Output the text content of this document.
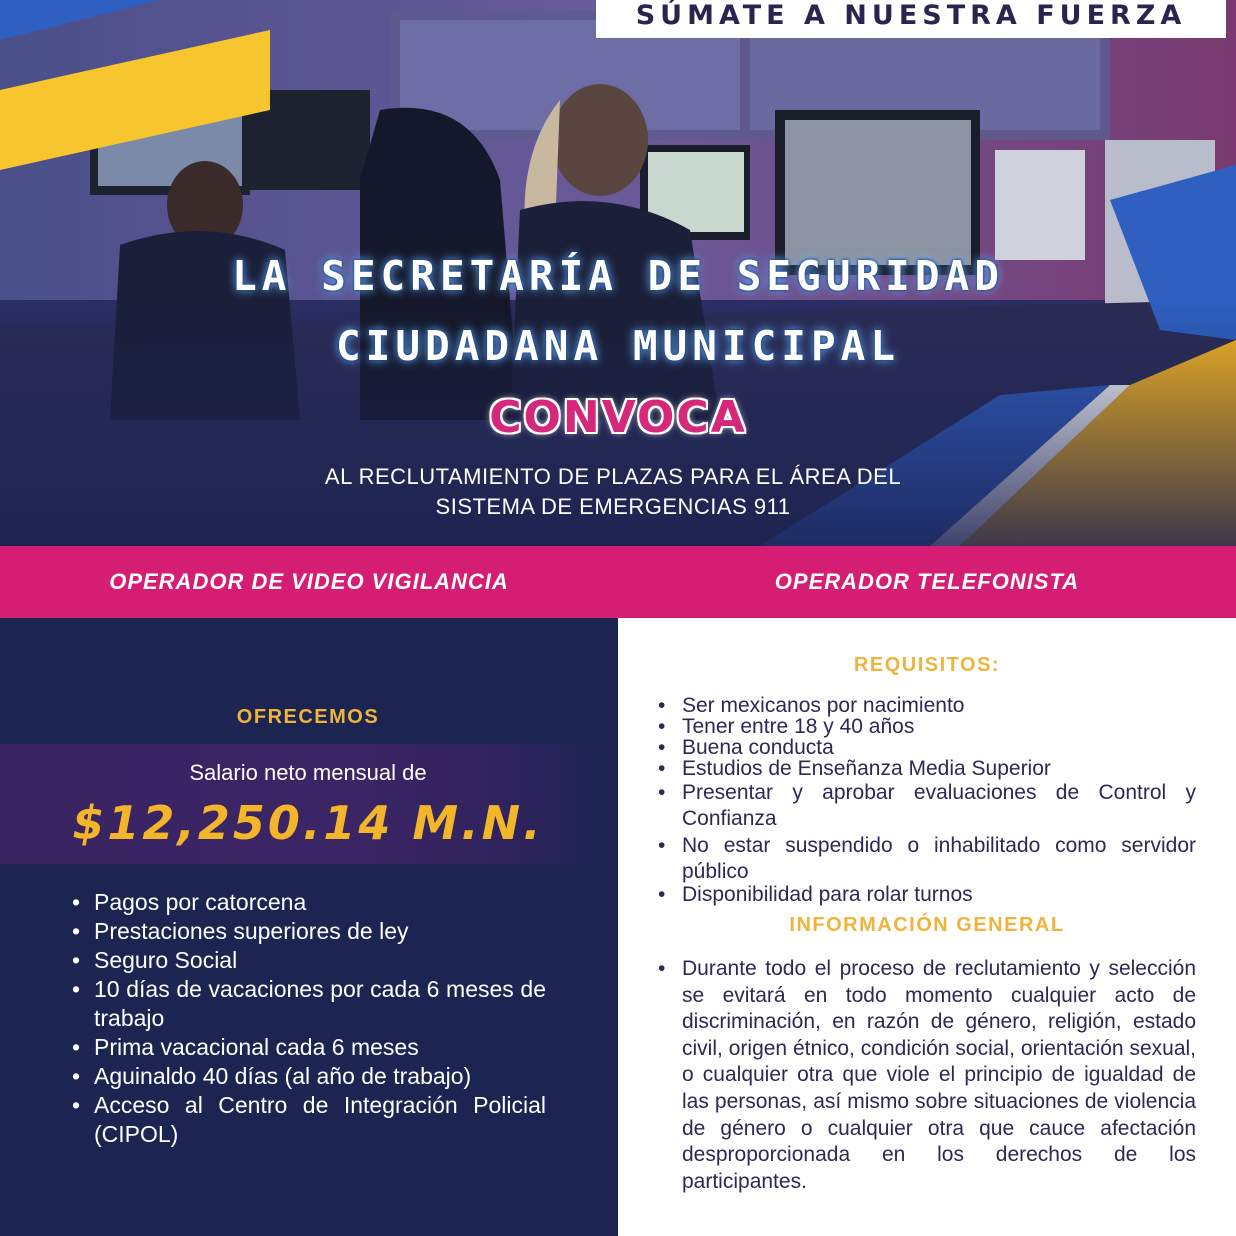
SÚMATE A NUESTRA FUERZA
LA SECRETARÍA DE SEGURIDAD
CIUDADANA MUNICIPAL
CONVOCA
AL RECLUTAMIENTO DE PLAZAS PARA EL ÁREA DEL
SISTEMA DE EMERGENCIAS 911
OPERADOR DE VIDEO VIGILANCIA	OPERADOR TELEFONISTA
OFRECEMOS
Salario neto mensual de
$12,250.14 M.N.
• Pagos por catorcena
• Prestaciones superiores de ley
• Seguro Social
• 10 días de vacaciones por cada 6 meses de trabajo
• Prima vacacional cada 6 meses
• Aguinaldo 40 días (al año de trabajo)
• Acceso al Centro de Integración Policial (CIPOL)
REQUISITOS:
• Ser mexicanos por nacimiento
• Tener entre 18 y 40 años
• Buena conducta
• Estudios de Enseñanza Media Superior
• Presentar y aprobar evaluaciones de Control y Confianza
• No estar suspendido o inhabilitado como servidor público
• Disponibilidad para rolar turnos
INFORMACIÓN GENERAL
• Durante todo el proceso de reclutamiento y selección se evitará en todo momento cualquier acto de discriminación, en razón de género, religión, estado civil, origen étnico, condición social, orientación sexual, o cualquier otra que viole el principio de igualdad de las personas, así mismo sobre situaciones de violencia de género o cualquier otra que cauce afectación desproporcionada en los derechos de los participantes.
